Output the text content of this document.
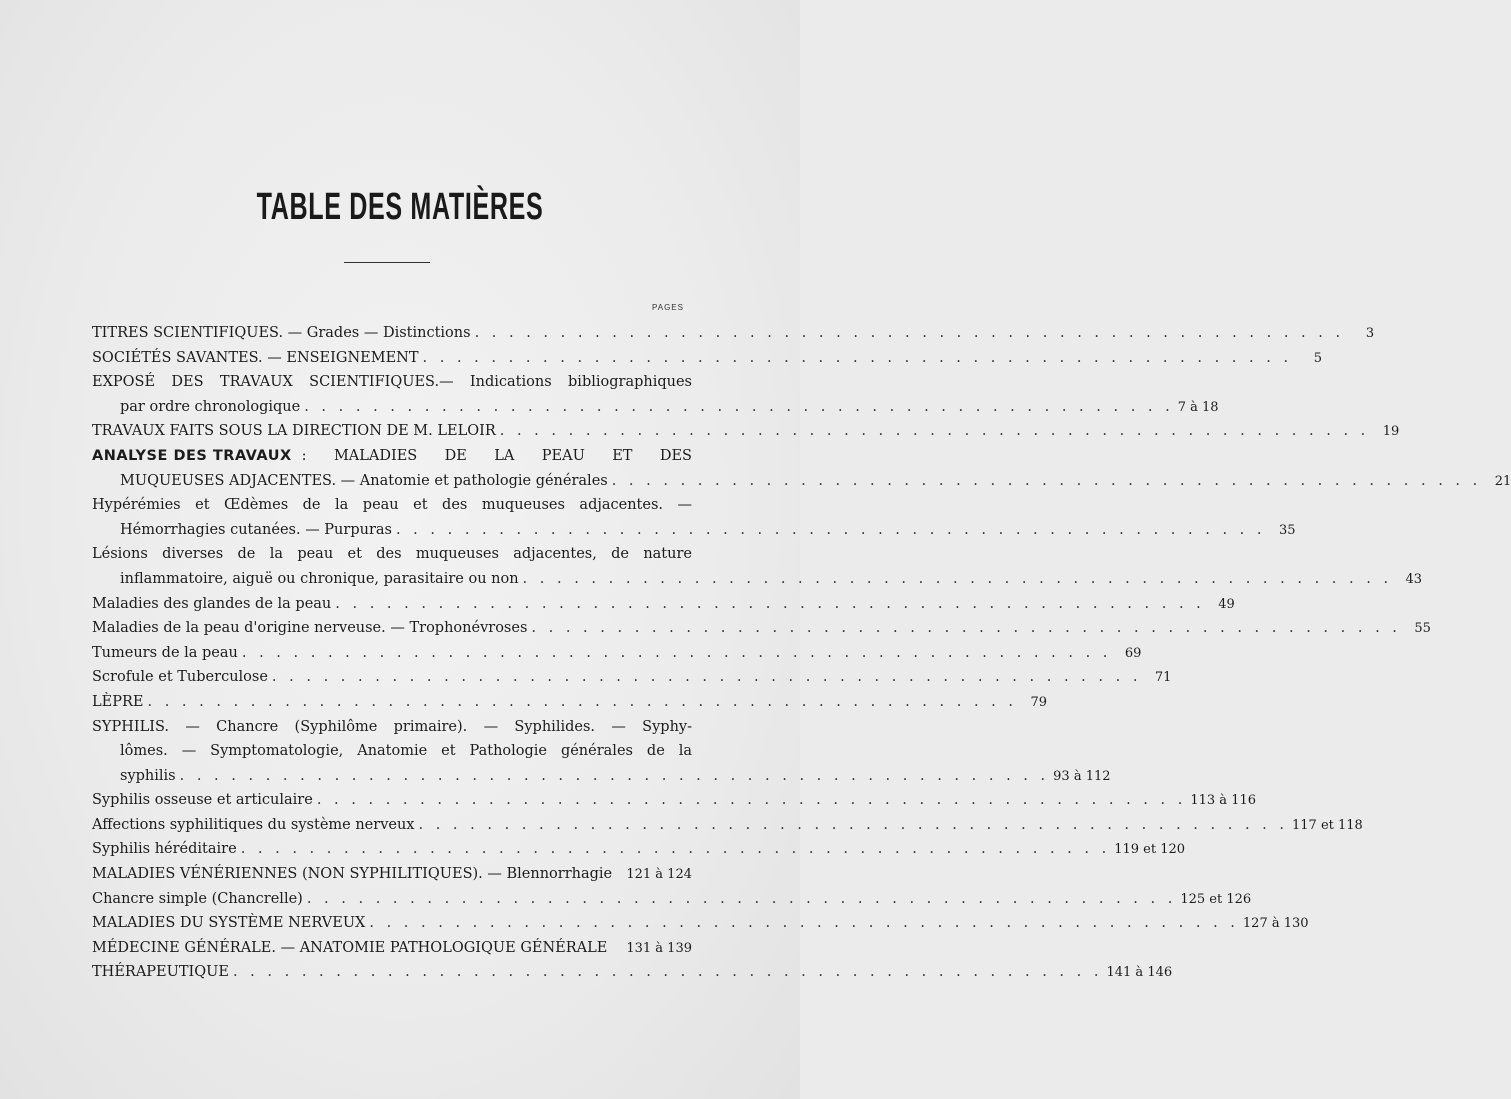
TABLE DES MATIÈRES
PAGES
TITRES SCIENTIFIQUES. — Grades — Distinctions . . . . . . . . . . . . . . . . . . . . . . . . . . . . . . . . . . . . . . . . . . . . . . . . . . .	3
SOCIÉTÉS SAVANTES. — ENSEIGNEMENT . . . . . . . . . . . . . . . . . . . . . . . . . . . . . . . . . . . . . . . . . . . . . . . . . . .	5
EXPOSÉ DES TRAVAUX SCIENTIFIQUES.— Indications bibliographiques
par ordre chronologique . . . . . . . . . . . . . . . . . . . . . . . . . . . . . . . . . . . . . . . . . . . . . . . . . . . 7 à 18
TRAVAUX FAITS SOUS LA DIRECTION DE M. LELOIR . . . . . . . . . . . . . . . . . . . . . . . . . . . . . . . . . . . . . . . . . . . . . . . . . . .	19
ANALYSE DES TRAVAUX : MALADIES DE LA PEAU ET DES
MUQUEUSES ADJACENTES. — Anatomie et pathologie générales . . . . . . . . . . . . . . . . . . . . . . . . . . . . . . . . . . . . . . . . . . . . . . . . . . .	21
Hypérémies et Œdèmes de la peau et des muqueuses adjacentes. —
Hémorrhagies cutanées. — Purpuras . . . . . . . . . . . . . . . . . . . . . . . . . . . . . . . . . . . . . . . . . . . . . . . . . . .	35
Lésions diverses de la peau et des muqueuses adjacentes, de nature
inflammatoire, aiguë ou chronique, parasitaire ou non . . . . . . . . . . . . . . . . . . . . . . . . . . . . . . . . . . . . . . . . . . . . . . . . . . .	43
Maladies des glandes de la peau . . . . . . . . . . . . . . . . . . . . . . . . . . . . . . . . . . . . . . . . . . . . . . . . . . .	49
Maladies de la peau d'origine nerveuse. — Trophonévroses . . . . . . . . . . . . . . . . . . . . . . . . . . . . . . . . . . . . . . . . . . . . . . . . . . .	55
Tumeurs de la peau . . . . . . . . . . . . . . . . . . . . . . . . . . . . . . . . . . . . . . . . . . . . . . . . . . .	69
Scrofule et Tuberculose . . . . . . . . . . . . . . . . . . . . . . . . . . . . . . . . . . . . . . . . . . . . . . . . . . .	71
LÈPRE . . . . . . . . . . . . . . . . . . . . . . . . . . . . . . . . . . . . . . . . . . . . . . . . . . .	79
SYPHILIS. — Chancre (Syphilôme primaire). — Syphilides. — Syphy-
lômes. — Symptomatologie, Anatomie et Pathologie générales de la
syphilis . . . . . . . . . . . . . . . . . . . . . . . . . . . . . . . . . . . . . . . . . . . . . . . . . . . 93 à 112
Syphilis osseuse et articulaire . . . . . . . . . . . . . . . . . . . . . . . . . . . . . . . . . . . . . . . . . . . . . . . . . . . 113 à 116
Affections syphilitiques du système nerveux . . . . . . . . . . . . . . . . . . . . . . . . . . . . . . . . . . . . . . . . . . . . . . . . . . . 117 et 118
Syphilis héréditaire . . . . . . . . . . . . . . . . . . . . . . . . . . . . . . . . . . . . . . . . . . . . . . . . . . . 119 et 120
MALADIES VÉNÉRIENNES (NON SYPHILITIQUES). — Blennorrhagie	121 à 124
Chancre simple (Chancrelle) . . . . . . . . . . . . . . . . . . . . . . . . . . . . . . . . . . . . . . . . . . . . . . . . . . . 125 et 126
MALADIES DU SYSTÈME NERVEUX . . . . . . . . . . . . . . . . . . . . . . . . . . . . . . . . . . . . . . . . . . . . . . . . . . . 127 à 130
MÉDECINE GÉNÉRALE. — ANATOMIE PATHOLOGIQUE GÉNÉRALE	131 à 139
THÉRAPEUTIQUE . . . . . . . . . . . . . . . . . . . . . . . . . . . . . . . . . . . . . . . . . . . . . . . . . . . 141 à 146
